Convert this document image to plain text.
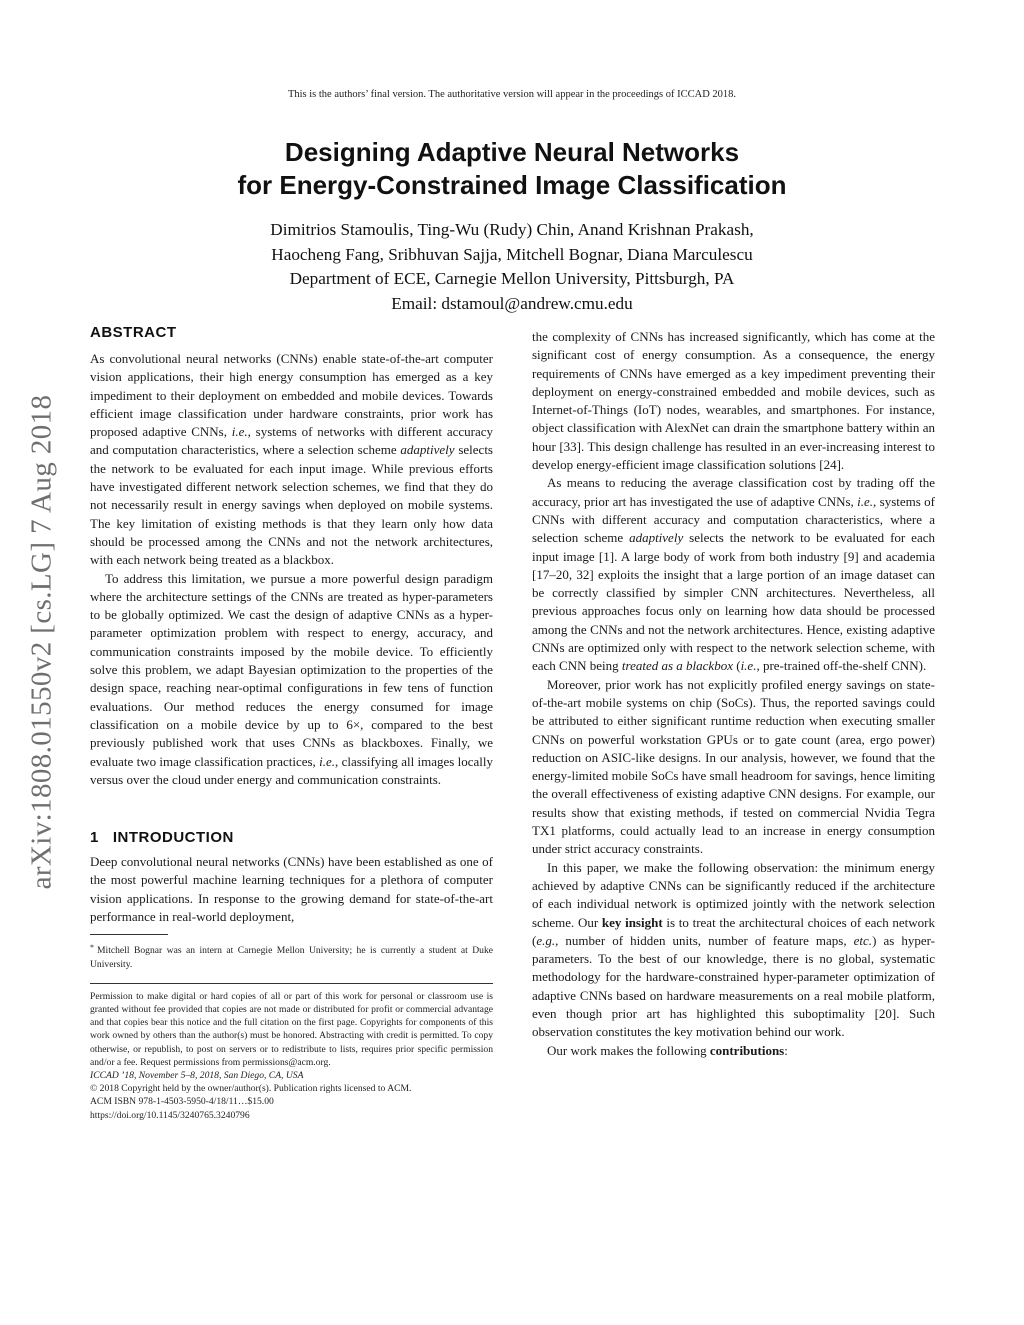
This is the authors’ final version. The authoritative version will appear in the proceedings of ICCAD 2018.
Designing Adaptive Neural Networks
for Energy-Constrained Image Classification
Dimitrios Stamoulis, Ting-Wu (Rudy) Chin, Anand Krishnan Prakash,
Haocheng Fang, Sribhuvan Sajja, Mitchell Bognar, Diana Marculescu
Department of ECE, Carnegie Mellon University, Pittsburgh, PA
Email: dstamoul@andrew.cmu.edu
arXiv:1808.01550v2 [cs.LG] 7 Aug 2018
ABSTRACT

As convolutional neural networks (CNNs) enable state-of-the-art computer vision applications, their high energy consumption has emerged as a key impediment to their deployment on embedded and mobile devices. Towards efficient image classification under hardware constraints, prior work has proposed adaptive CNNs, i.e., systems of networks with different accuracy and computation characteristics, where a selection scheme adaptively selects the network to be evaluated for each input image. While previous efforts have investigated different network selection schemes, we find that they do not necessarily result in energy savings when deployed on mobile systems. The key limitation of existing methods is that they learn only how data should be processed among the CNNs and not the network architectures, with each network being treated as a blackbox.

To address this limitation, we pursue a more powerful design paradigm where the architecture settings of the CNNs are treated as hyper-parameters to be globally optimized. We cast the design of adaptive CNNs as a hyper-parameter optimization problem with respect to energy, accuracy, and communication constraints imposed by the mobile device. To efficiently solve this problem, we adapt Bayesian optimization to the properties of the design space, reaching near-optimal configurations in few tens of function evaluations. Our method reduces the energy consumed for image classification on a mobile device by up to 6×, compared to the best previously published work that uses CNNs as blackboxes. Finally, we evaluate two image classification practices, i.e., classifying all images locally versus over the cloud under energy and communication constraints.

1 INTRODUCTION

Deep convolutional neural networks (CNNs) have been established as one of the most powerful machine learning techniques for a plethora of computer vision applications. In response to the growing demand for state-of-the-art performance in real-world deployment,

* Mitchell Bognar was an intern at Carnegie Mellon University; he is currently a student at Duke University.

Permission to make digital or hard copies of all or part of this work for personal or classroom use is granted without fee provided that copies are not made or distributed for profit or commercial advantage and that copies bear this notice and the full citation on the first page. Copyrights for components of this work owned by others than the author(s) must be honored. Abstracting with credit is permitted. To copy otherwise, or republish, to post on servers or to redistribute to lists, requires prior specific permission and/or a fee. Request permissions from permissions@acm.org.

ICCAD ’18, November 5–8, 2018, San Diego, CA, USA

© 2018 Copyright held by the owner/author(s). Publication rights licensed to ACM.

ACM ISBN 978-1-4503-5950-4/18/11…$15.00

https://doi.org/10.1145/3240765.3240796

the complexity of CNNs has increased significantly, which has come at the significant cost of energy consumption. As a consequence, the energy requirements of CNNs have emerged as a key impediment preventing their deployment on energy-constrained embedded and mobile devices, such as Internet-of-Things (IoT) nodes, wearables, and smartphones. For instance, object classification with AlexNet can drain the smartphone battery within an hour [33]. This design challenge has resulted in an ever-increasing interest to develop energy-efficient image classification solutions [24].

As means to reducing the average classification cost by trading off the accuracy, prior art has investigated the use of adaptive CNNs, i.e., systems of CNNs with different accuracy and computation characteristics, where a selection scheme adaptively selects the network to be evaluated for each input image [1]. A large body of work from both industry [9] and academia [17–20, 32] exploits the insight that a large portion of an image dataset can be correctly classified by simpler CNN architectures. Nevertheless, all previous approaches focus only on learning how data should be processed among the CNNs and not the network architectures. Hence, existing adaptive CNNs are optimized only with respect to the network selection scheme, with each CNN being treated as a blackbox (i.e., pre-trained off-the-shelf CNN).

Moreover, prior work has not explicitly profiled energy savings on state-of-the-art mobile systems on chip (SoCs). Thus, the reported savings could be attributed to either significant runtime reduction when executing smaller CNNs on powerful workstation GPUs or to gate count (area, ergo power) reduction on ASIC-like designs. In our analysis, however, we found that the energy-limited mobile SoCs have small headroom for savings, hence limiting the overall effectiveness of existing adaptive CNN designs. For example, our results show that existing methods, if tested on commercial Nvidia Tegra TX1 platforms, could actually lead to an increase in energy consumption under strict accuracy constraints.

In this paper, we make the following observation: the minimum energy achieved by adaptive CNNs can be significantly reduced if the architecture of each individual network is optimized jointly with the network selection scheme. Our key insight is to treat the architectural choices of each network (e.g., number of hidden units, number of feature maps, etc.) as hyper-parameters. To the best of our knowledge, there is no global, systematic methodology for the hardware-constrained hyper-parameter optimization of adaptive CNNs based on hardware measurements on a real mobile platform, even though prior art has highlighted this suboptimality [20]. Such observation constitutes the key motivation behind our work.

Our work makes the following contributions:
